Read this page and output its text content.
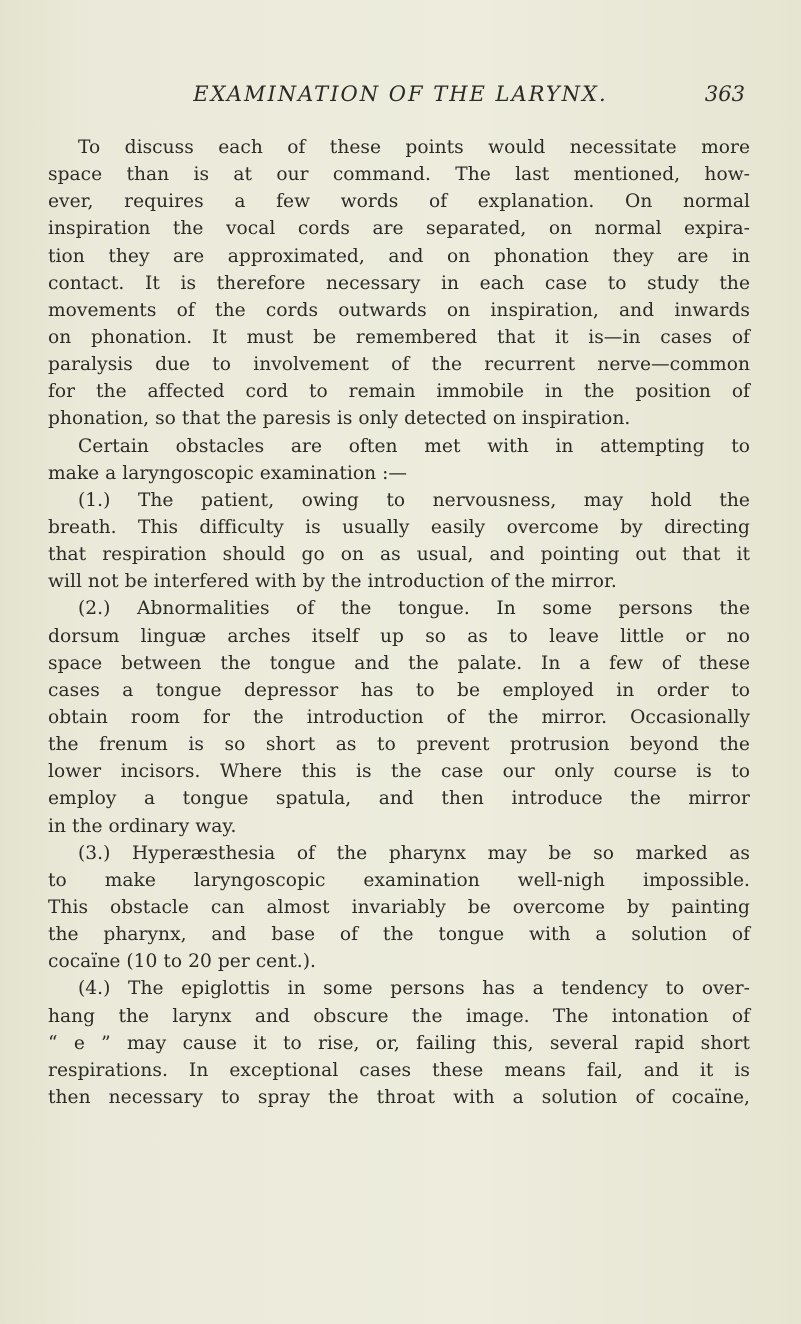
EXAMINATION OF THE LARYNX.	363
To discuss each of these points would necessitate more
space than is at our command. The last mentioned, how-
ever, requires a few words of explanation. On normal
inspiration the vocal cords are separated, on normal expira-
tion they are approximated, and on phonation they are in
contact. It is therefore necessary in each case to study the
movements of the cords outwards on inspiration, and inwards
on phonation. It must be remembered that it is—in cases of
paralysis due to involvement of the recurrent nerve—common
for the affected cord to remain immobile in the position of
phonation, so that the paresis is only detected on inspiration.
Certain obstacles are often met with in attempting to
make a laryngoscopic examination :—
(1.) The patient, owing to nervousness, may hold the
breath. This difficulty is usually easily overcome by directing
that respiration should go on as usual, and pointing out that it
will not be interfered with by the introduction of the mirror.
(2.) Abnormalities of the tongue. In some persons the
dorsum linguæ arches itself up so as to leave little or no
space between the tongue and the palate. In a few of these
cases a tongue depressor has to be employed in order to
obtain room for the introduction of the mirror. Occasionally
the frenum is so short as to prevent protrusion beyond the
lower incisors. Where this is the case our only course is to
employ a tongue spatula, and then introduce the mirror
in the ordinary way.
(3.) Hyperæsthesia of the pharynx may be so marked as
to make laryngoscopic examination well-nigh impossible.
This obstacle can almost invariably be overcome by painting
the pharynx, and base of the tongue with a solution of
cocaïne (10 to 20 per cent.).
(4.) The epiglottis in some persons has a tendency to over-
hang the larynx and obscure the image. The intonation of
“ e ” may cause it to rise, or, failing this, several rapid short
respirations. In exceptional cases these means fail, and it is
then necessary to spray the throat with a solution of cocaïne,
